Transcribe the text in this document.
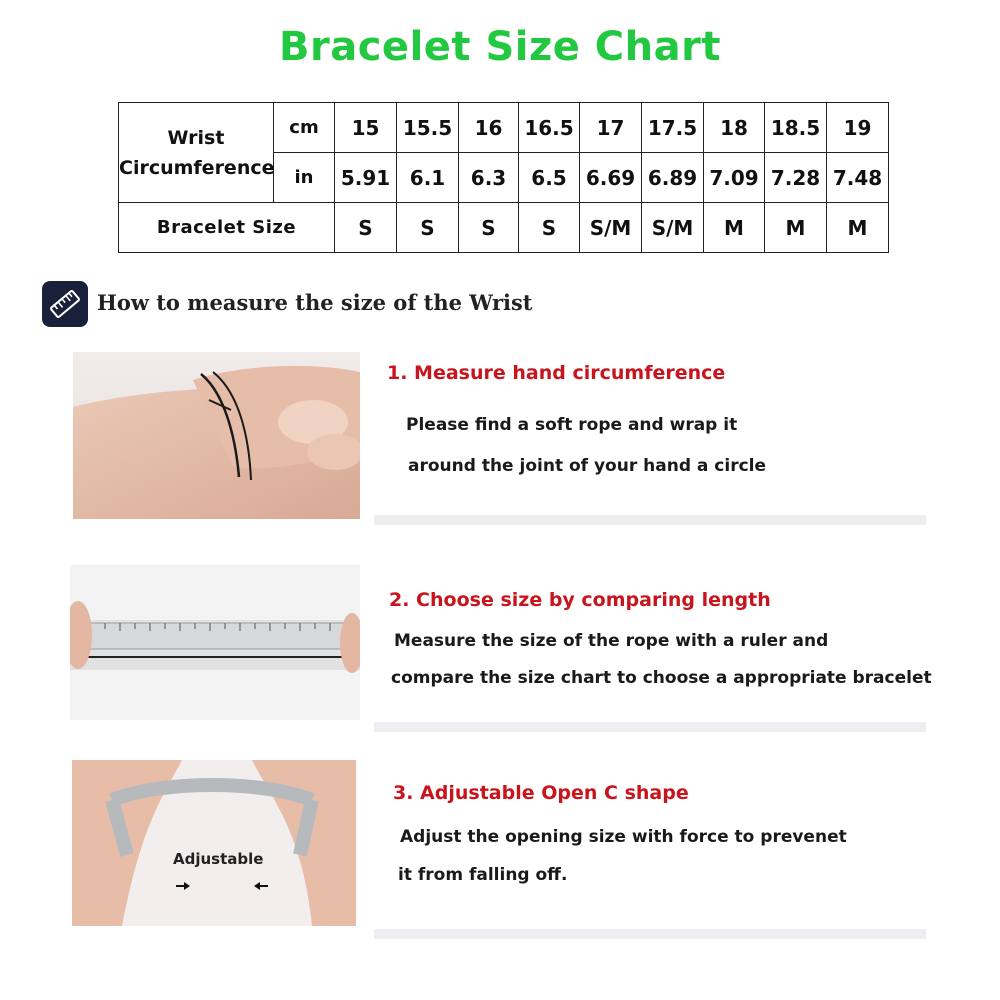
Bracelet Size Chart
Wrist
Circumference	cm	15	15.5	16	16.5	17	17.5	18	18.5	19
	in	5.91	6.1	6.3	6.5	6.69	6.89	7.09	7.28	7.48
Bracelet Size		S	S	S	S	S/M	S/M	M	M	M
How to measure the size of the Wrist
1. Measure hand circumference
Please find a soft rope and wrap it
around the joint of your hand a circle
2. Choose size by comparing length
Measure the size of the rope with a ruler and
compare the size chart to choose a appropriate bracelet
Adjustable
3. Adjustable Open C shape
Adjust the opening size with force to prevenet
it from falling off.
